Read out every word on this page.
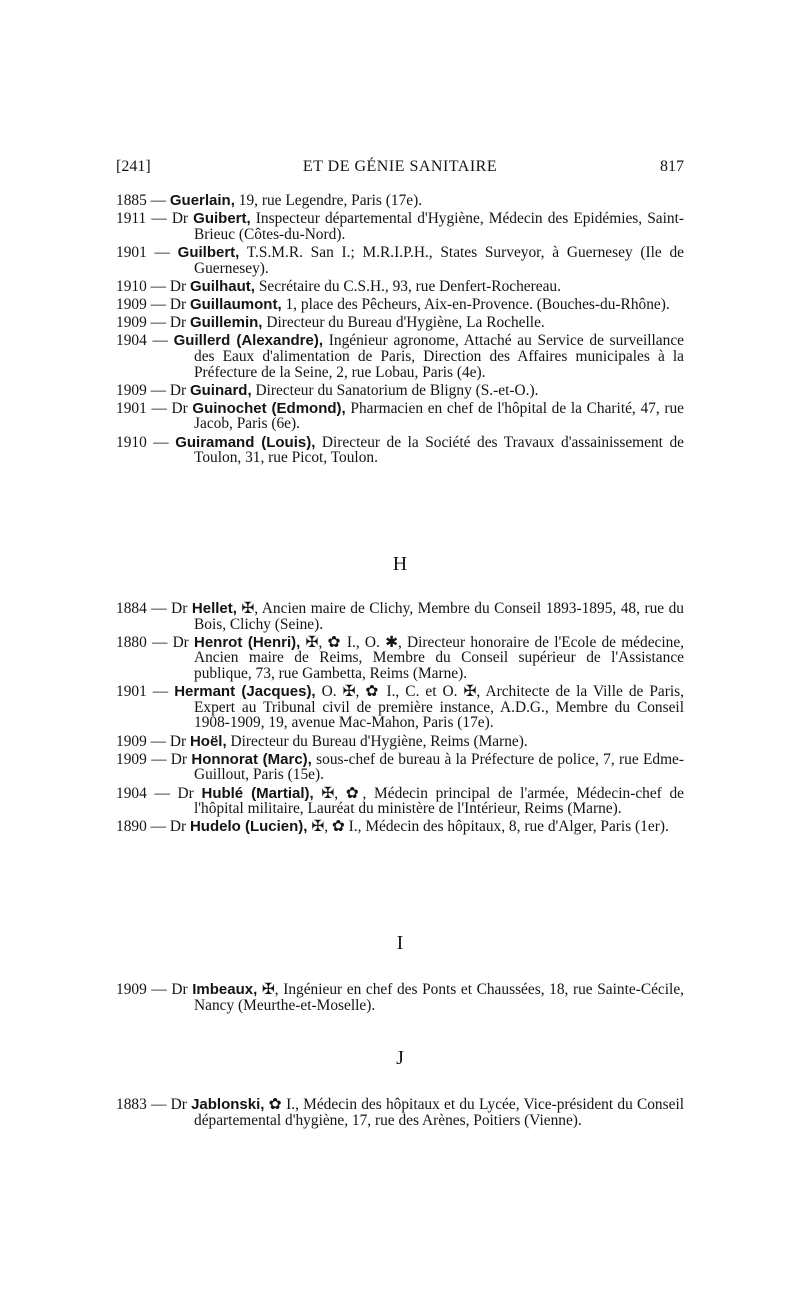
[241]	ET DE GÉNIE SANITAIRE	817
1885 — Guerlain, 19, rue Legendre, Paris (17e).
1911 — Dr Guibert, Inspecteur départemental d'Hygiène, Médecin des Epidémies, Saint-Brieuc (Côtes-du-Nord).
1901 — Guilbert, T.S.M.R. San I.; M.R.I.P.H., States Surveyor, à Guernesey (Ile de Guernesey).
1910 — Dr Guilhaut, Secrétaire du C.S.H., 93, rue Denfert-Rochereau.
1909 — Dr Guillaumont, 1, place des Pêcheurs, Aix-en-Provence. (Bouches-du-Rhône).
1909 — Dr Guillemin, Directeur du Bureau d'Hygiène, La Rochelle.
1904 — Guillerd (Alexandre), Ingénieur agronome, Attaché au Service de surveillance des Eaux d'alimentation de Paris, Direction des Affaires municipales à la Préfecture de la Seine, 2, rue Lobau, Paris (4e).
1909 — Dr Guinard, Directeur du Sanatorium de Bligny (S.-et-O.).
1901 — Dr Guinochet (Edmond), Pharmacien en chef de l'hôpital de la Charité, 47, rue Jacob, Paris (6e).
1910 — Guiramand (Louis), Directeur de la Société des Travaux d'assainissement de Toulon, 31, rue Picot, Toulon.
H
1884 — Dr Hellet, ✠, Ancien maire de Clichy, Membre du Conseil 1893-1895, 48, rue du Bois, Clichy (Seine).
1880 — Dr Henrot (Henri), ✠, ✿ I., O. ✱, Directeur honoraire de l'Ecole de médecine, Ancien maire de Reims, Membre du Conseil supérieur de l'Assistance publique, 73, rue Gambetta, Reims (Marne).
1901 — Hermant (Jacques), O. ✠, ✿ I., C. et O. ✠, Architecte de la Ville de Paris, Expert au Tribunal civil de première instance, A.D.G., Membre du Conseil 1908-1909, 19, avenue Mac-Mahon, Paris (17e).
1909 — Dr Hoël, Directeur du Bureau d'Hygiène, Reims (Marne).
1909 — Dr Honnorat (Marc), sous-chef de bureau à la Préfecture de police, 7, rue Edme-Guillout, Paris (15e).
1904 — Dr Hublé (Martial), ✠, ✿, Médecin principal de l'armée, Médecin-chef de l'hôpital militaire, Lauréat du ministère de l'Intérieur, Reims (Marne).
1890 — Dr Hudelo (Lucien), ✠, ✿ I., Médecin des hôpitaux, 8, rue d'Alger, Paris (1er).
I
1909 — Dr Imbeaux, ✠, Ingénieur en chef des Ponts et Chaussées, 18, rue Sainte-Cécile, Nancy (Meurthe-et-Moselle).
J
1883 — Dr Jablonski, ✿ I., Médecin des hôpitaux et du Lycée, Vice-président du Conseil départemental d'hygiène, 17, rue des Arènes, Poitiers (Vienne).
